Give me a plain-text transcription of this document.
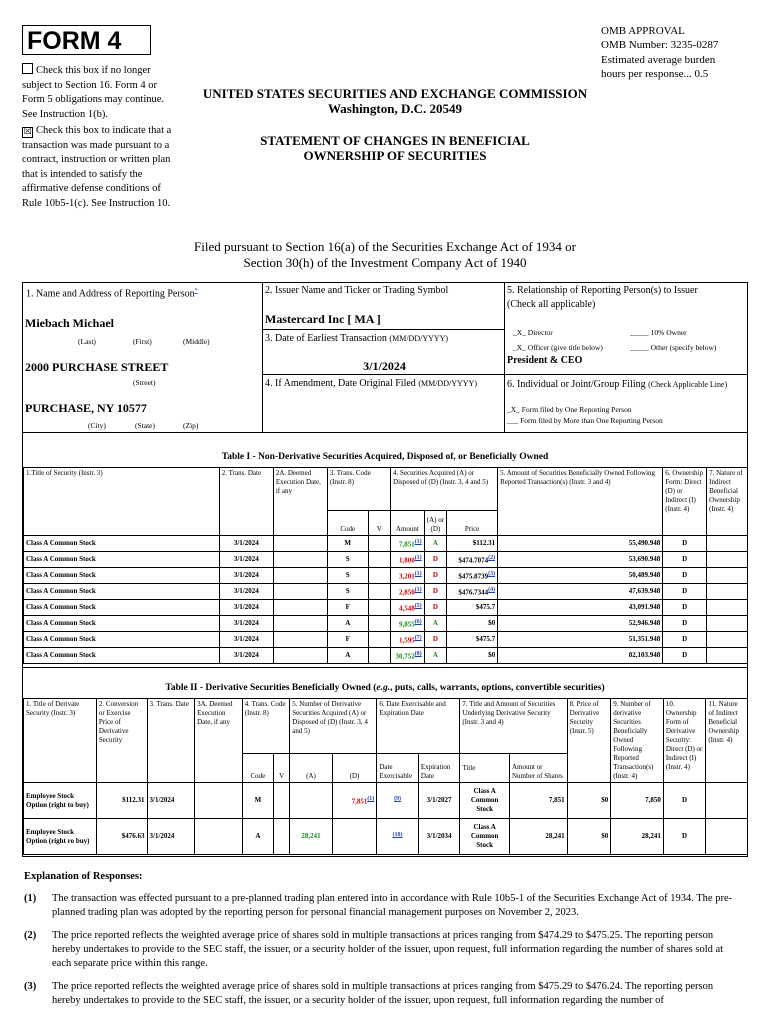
FORM 4	OMB APPROVAL
OMB Number: 3235-0287
Estimated average burden
hours per response... 0.5
Check this box if no longer subject to Section 16. Form 4 or Form 5 obligations may continue. See Instruction 1(b).
☒ Check this box to indicate that a transaction was made pursuant to a contract, instruction or written plan that is intended to satisfy the affirmative defense conditions of Rule 10b5-1(c). See Instruction 10.
UNITED STATES SECURITIES AND EXCHANGE COMMISSION
Washington, D.C. 20549
STATEMENT OF CHANGES IN BENEFICIAL OWNERSHIP OF SECURITIES
Filed pursuant to Section 16(a) of the Securities Exchange Act of 1934 or
Section 30(h) of the Investment Company Act of 1940
1. Name and Address of Reporting Person*
Miebach Michael
(Last)	(First)	(Middle)
2000 PURCHASE STREET
(Street)
PURCHASE, NY 10577
(City)	(State)	(Zip)
2. Issuer Name and Ticker or Trading Symbol
Mastercard Inc [ MA ]
3. Date of Earliest Transaction (MM/DD/YYYY)
3/1/2024
4. If Amendment, Date Original Filed (MM/DD/YYYY)
5. Relationship of Reporting Person(s) to Issuer
(Check all applicable)
_X_ Director	_____ 10% Owner
_X_ Officer (give title below)	_____ Other (specify below)
President & CEO
6. Individual or Joint/Group Filing (Check Applicable Line)
_X_ Form filed by One Reporting Person
___ Form filed by More than One Reporting Person
Table I - Non-Derivative Securities Acquired, Disposed of, or Beneficially Owned
1.Title of Security (Instr. 3)	2. Trans. Date	2A. Deemed Execution Date, if any	3. Trans. Code (Instr. 8)		4. Securities Acquired (A) or Disposed of (D) (Instr. 3, 4 and 5)			5. Amount of Securities Beneficially Owned Following Reported Transaction(s) (Instr. 3 and 4)	6. Ownership Form: Direct (D) or Indirect (I) (Instr. 4)	7. Nature of Indirect Beneficial Ownership (Instr. 4)
			Code	V	Amount	(A) or (D)	Price			
Class A Common Stock	3/1/2024		M		7,851$^{(1)}$	A	$112.31	55,490.948	D	
Class A Common Stock	3/1/2024		S		1,800$^{(1)}$	D	$474.7074$^{(2)}$	53,690.948	D	
Class A Common Stock	3/1/2024		S		3,201$^{(1)}$	D	$475.8739$^{(3)}$	50,489.948	D	
Class A Common Stock	3/1/2024		S		2,850$^{(1)}$	D	$476.7344$^{(4)}$	47,639.948	D	
Class A Common Stock	3/1/2024		F		4,548$^{(5)}$	D	$475.7	43,091.948	D	
Class A Common Stock	3/1/2024		A		9,855$^{(6)}$	A	$0	52,946.948	D	
Class A Common Stock	3/1/2024		F		1,595$^{(7)}$	D	$475.7	51,351.948	D	
Class A Common Stock	3/1/2024		A		30,752$^{(8)}$	A	$0	82,103.948	D	
Table II - Derivative Securities Beneficially Owned (e.g., puts, calls, warrants, options, convertible securities)
1. Title of Derivate Security (Instr. 3)	2. Conversion or Exercise Price of Derivative Security	3. Trans. Date	3A. Deemed Execution Date, if any	4. Trans. Code (Instr. 8)		5. Number of Derivative Securities Acquired (A) or Disposed of (D) (Instr. 3, 4 and 5)		6. Date Exercisable and Expiration Date		7. Title and Amount of Securities Underlying Derivative Security (Instr. 3 and 4)		8. Price of Derivative Security (Instr. 5)	9. Number of derivative Securities Beneficially Owned Following Reported Transaction(s) (Instr. 4)	10. Ownership Form of Derivative Security: Direct (D) or Indirect (I) (Instr. 4)	11. Nature of Indirect Beneficial Ownership (Instr. 4)
				Code	V	(A)	(D)	Date Exercisable	Expiration Date	Title	Amount or Number of Shares				
Employee Stock Option (right to buy)	$112.31	3/1/2024		M			7,851$^{(1)}$	$^{(9)}$	3/1/2027	Class A Common Stock	7,851	$0	7,850	D	
Employee Stock Option (right ro buy)	$476.63	3/1/2024		A		28,241		$^{(10)}$	3/1/2034	Class A Common Stock	28,241	$0	28,241	D	
Explanation of Responses:
(1) The transaction was effected pursuant to a pre-planned trading plan entered into in accordance with Rule 10b5-1 of the Securities Exchange Act of 1934. The pre-planned trading plan was adopted by the reporting person for personal financial management purposes on November 2, 2023.
(2) The price reported reflects the weighted average price of shares sold in multiple transactions at prices ranging from $474.29 to $475.25. The reporting person hereby undertakes to provide to the SEC staff, the issuer, or a security holder of the issuer, upon request, full information regarding the number of shares sold at each separate price within this range.
(3) The price reported reflects the weighted average price of shares sold in multiple transactions at prices ranging from $475.29 to $476.24. The reporting person hereby undertakes to provide to the SEC staff, the issuer, or a security holder of the issuer, upon request, full information regarding the number of
